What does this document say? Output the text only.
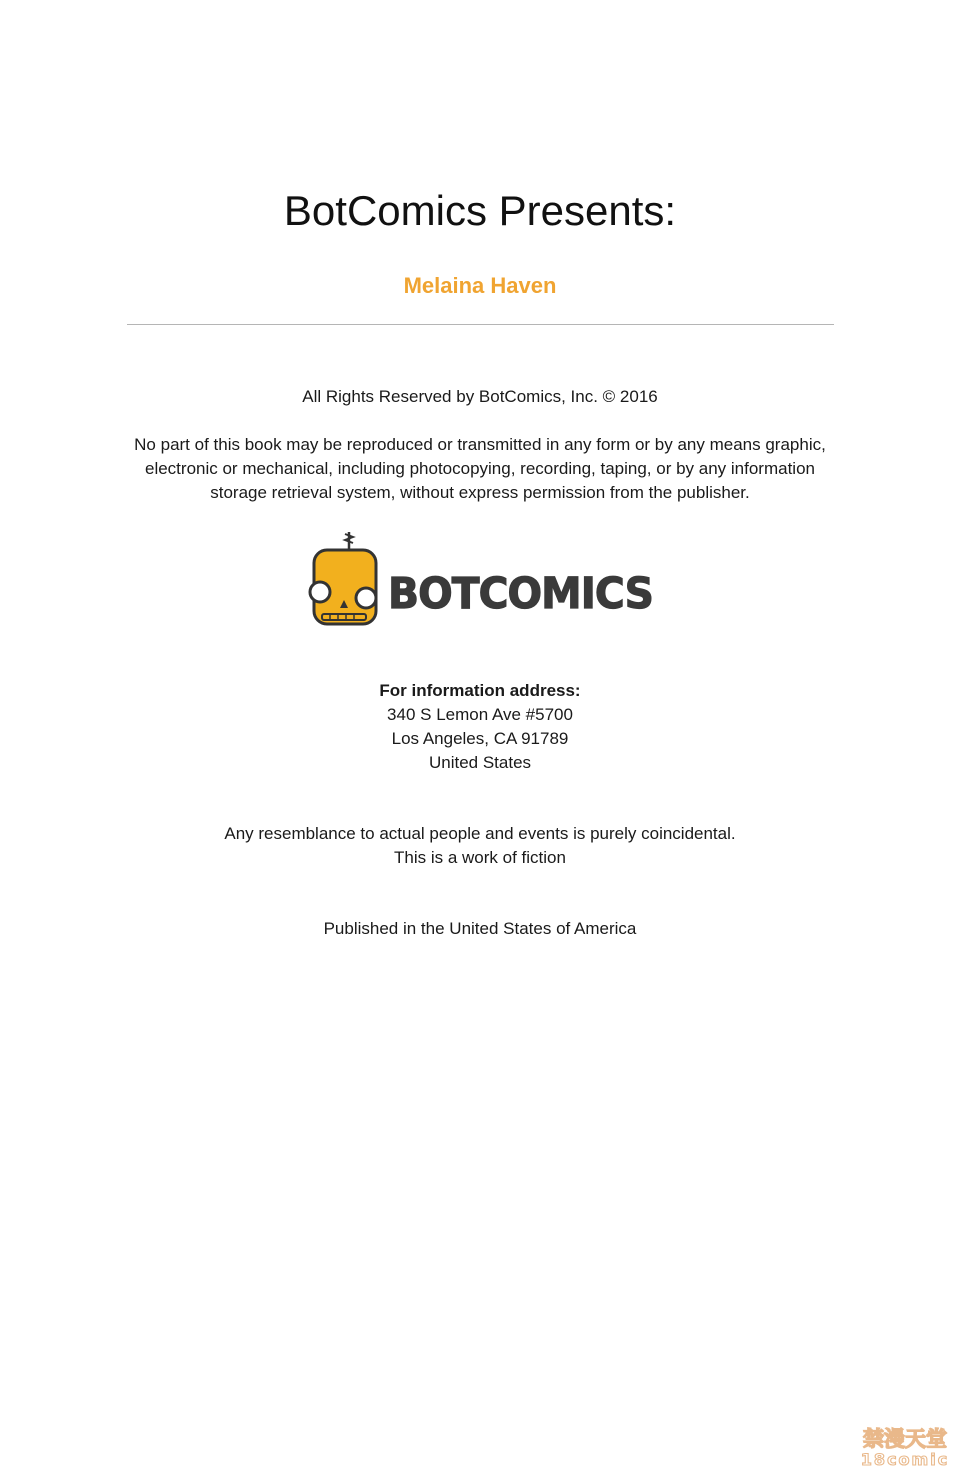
BotComics Presents:
Melaina Haven
All Rights Reserved by BotComics, Inc. © 2016
No part of this book may be reproduced or transmitted in any form or by any means graphic,
electronic or mechanical, including photocopying, recording, taping, or by any information
storage retrieval system, without express permission from the publisher.
BOTCOMICS
For information address:
340 S Lemon Ave #5700
Los Angeles, CA 91789
United States
Any resemblance to actual people and events is purely coincidental.
This is a work of fiction
Published in the United States of America
禁漫天堂
18comic
